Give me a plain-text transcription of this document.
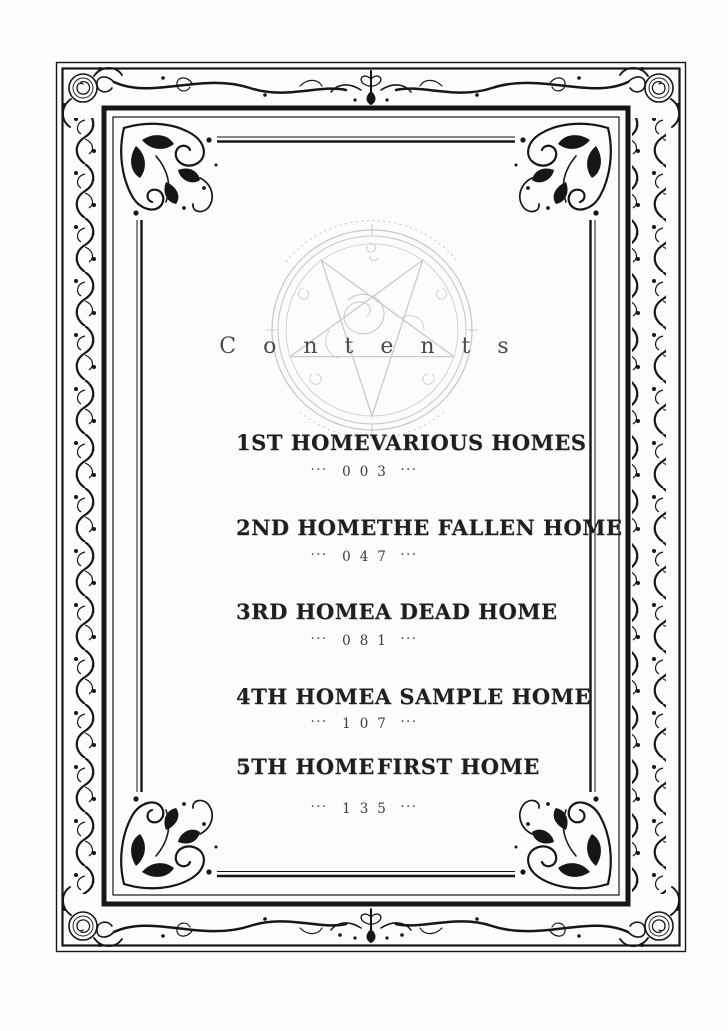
Contents
1ST HOME VARIOUS HOMES
··· 003 ···
2ND HOME THE FALLEN HOME
··· 047 ···
3RD HOME A DEAD HOME
··· 081 ···
4TH HOME A SAMPLE HOME
··· 107 ···
5TH HOME FIRST HOME
··· 135 ···
